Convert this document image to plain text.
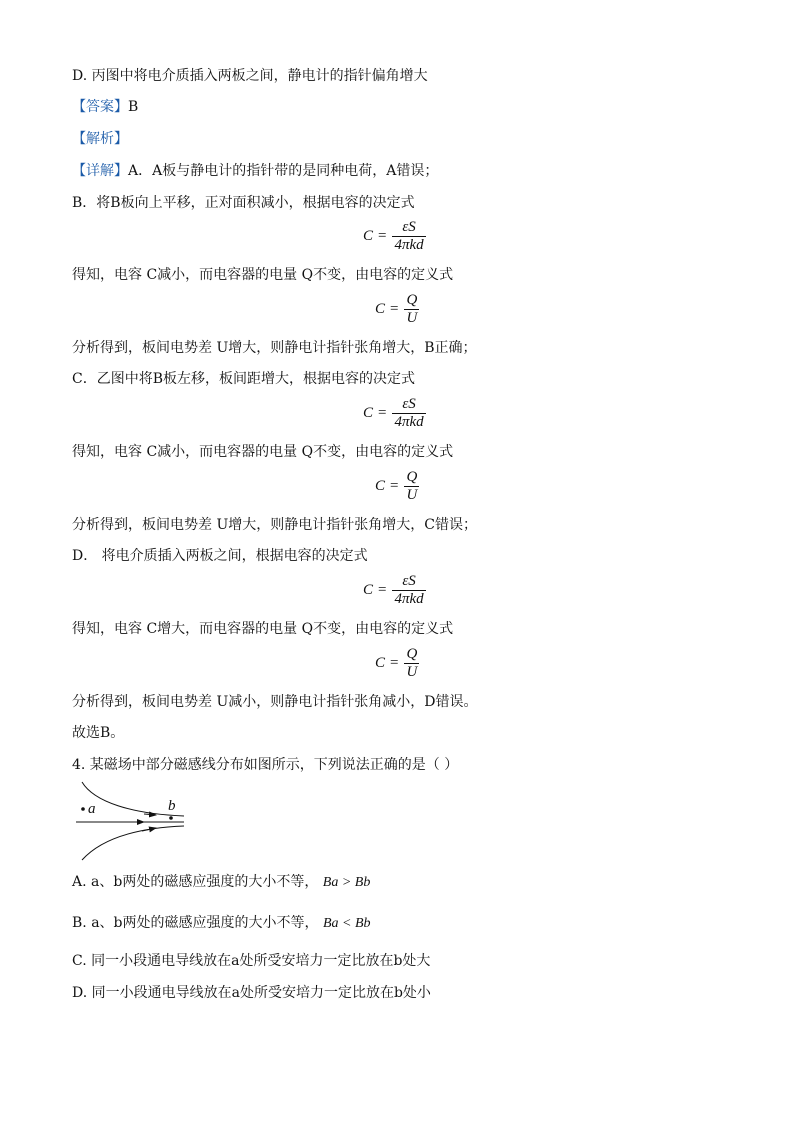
D. 丙图中将电介质插入两板之间，静电计的指针偏角增大
【答案】B
【解析】
【详解】A．A板与静电计的指针带的是同种电荷，A错误；
B．将B板向上平移，正对面积减小，根据电容的决定式
$C = \frac{\varepsilon S}{\text{4πkd}}$
得知，电容 C减小，而电容器的电量 Q不变，由电容的定义式
$C = \frac{Q}{U}$
分析得到，板间电势差 U增大，则静电计指针张角增大，B正确；
C．乙图中将B板左移，板间距增大，根据电容的决定式
$C = \frac{\varepsilon S}{\text{4πkd}}$
得知，电容 C减小，而电容器的电量 Q不变，由电容的定义式
$C = \frac{Q}{U}$
分析得到，板间电势差 U增大，则静电计指针张角增大，C错误；
D． 将电介质插入两板之间，根据电容的决定式
$C = \frac{\varepsilon S}{\text{4πkd}}$
得知，电容 C增大，而电容器的电量 Q不变，由电容的定义式
$C = \frac{Q}{U}$
分析得到，板间电势差 U减小，则静电计指针张角减小，D错误。
故选B。
4. 某磁场中部分磁感线分布如图所示，下列说法正确的是（ ）
a	b
A. a、b两处的磁感应强度的大小不等， Ba > Bb
B. a、b两处的磁感应强度的大小不等， Ba < Bb
C. 同一小段通电导线放在a处所受安培力一定比放在b处大
D. 同一小段通电导线放在a处所受安培力一定比放在b处小
